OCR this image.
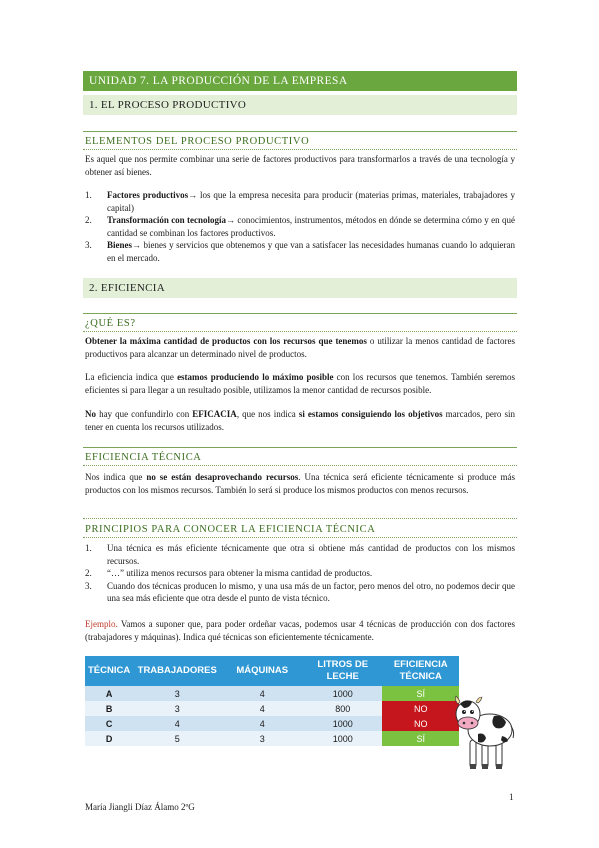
UNIDAD 7. LA PRODUCCIÓN DE LA EMPRESA
1. EL PROCESO PRODUCTIVO
ELEMENTOS DEL PROCESO PRODUCTIVO

Es aquel que nos permite combinar una serie de factores productivos para transformarlos a través de una tecnología y obtener así bienes.

1. Factores productivos→ los que la empresa necesita para producir (materias primas, materiales, trabajadores y capital)
2. Transformación con tecnología→ conocimientos, instrumentos, métodos en dónde se determina cómo y en qué cantidad se combinan los factores productivos.
3. Bienes→ bienes y servicios que obtenemos y que van a satisfacer las necesidades humanas cuando lo adquieran en el mercado.
2. EFICIENCIA
¿QUÉ ES?

Obtener la máxima cantidad de productos con los recursos que tenemos o utilizar la menos cantidad de factores productivos para alcanzar un determinado nivel de productos.

La eficiencia indica que estamos produciendo lo máximo posible con los recursos que tenemos. También seremos eficientes si para llegar a un resultado posible, utilizamos la menor cantidad de recursos posible.

No hay que confundirlo con EFICACIA, que nos indica si estamos consiguiendo los objetivos marcados, pero sin tener en cuenta los recursos utilizados.

EFICIENCIA TÉCNICA

Nos indica que no se están desaprovechando recursos. Una técnica será eficiente técnicamente si produce más productos con los mismos recursos. También lo será si produce los mismos productos con menos recursos.

PRINCIPIOS PARA CONOCER LA EFICIENCIA TÉCNICA
1. Una técnica es más eficiente técnicamente que otra si obtiene más cantidad de productos con los mismos recursos.
2. “…” utiliza menos recursos para obtener la misma cantidad de productos.
3. Cuando dos técnicas producen lo mismo, y una usa más de un factor, pero menos del otro, no podemos decir que una sea más eficiente que otra desde el punto de vista técnico.

Ejemplo. Vamos a suponer que, para poder ordeñar vacas, podemos usar 4 técnicas de producción con dos factores (trabajadores y máquinas). Indica qué técnicas son eficientemente técnicamente.

TÉCNICA	TRABAJADORES	MÁQUINAS	LITROS DE LECHE	EFICIENCIA TÉCNICA
A	3	4	1000	SÍ
B	3	4	800	NO
C	4	4	1000	NO
D	5	3	1000	SÍ
1
María Jiangli Díaz Álamo 2ºG
